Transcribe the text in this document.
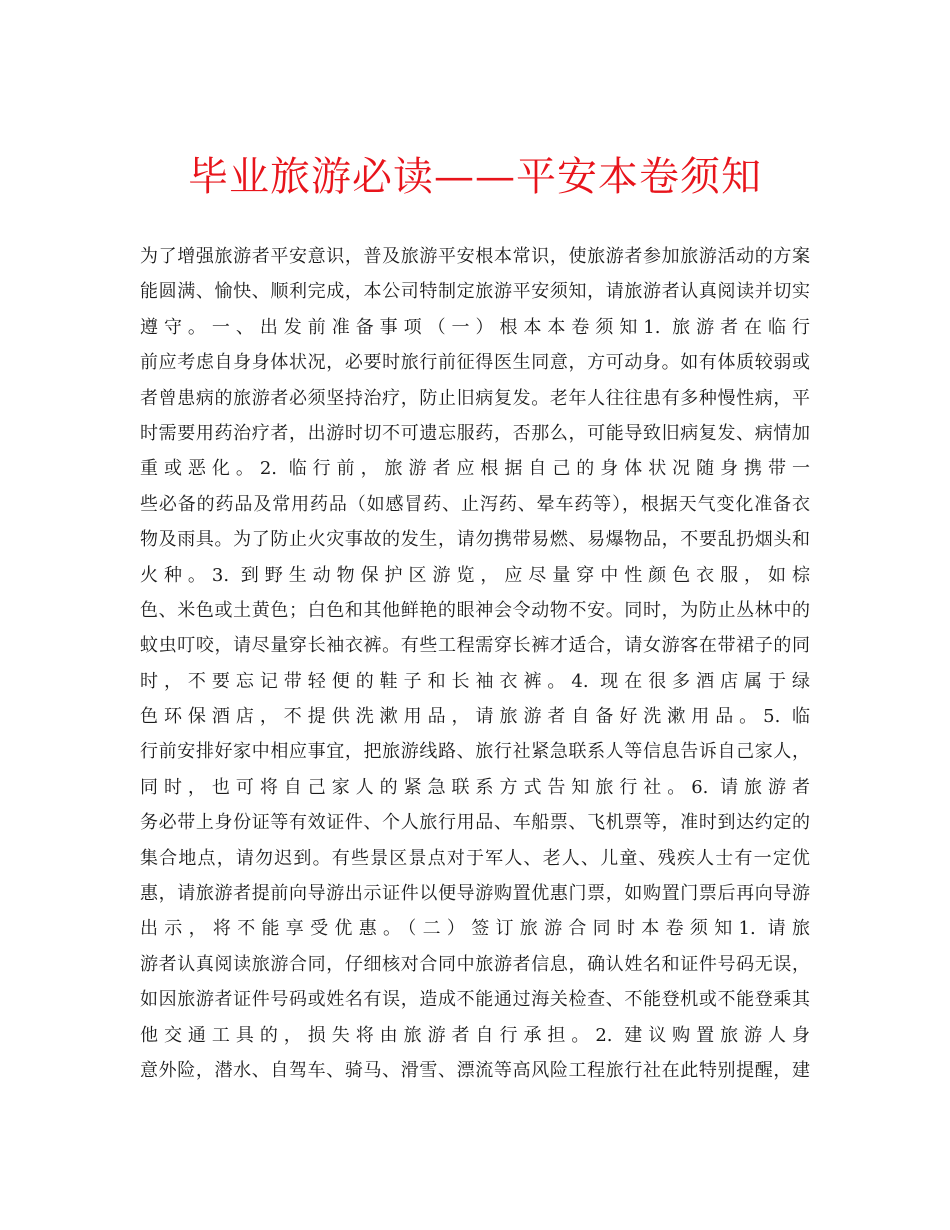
毕业旅游必读——平安本卷须知
为了增强旅游者平安意识，普及旅游平安根本常识，使旅游者参加旅游活动的方案
能圆满、愉快、顺利完成，本公司特制定旅游平安须知，请旅游者认真阅读并切实
遵守。一、出发前准备事项（一）根本本卷须知1. 旅游者在临行
前应考虑自身身体状况，必要时旅行前征得医生同意，方可动身。如有体质较弱或
者曾患病的旅游者必须坚持治疗，防止旧病复发。老年人往往患有多种慢性病，平
时需要用药治疗者，出游时切不可遗忘服药，否那么，可能导致旧病复发、病情加
重或恶化。2. 临行前，旅游者应根据自己的身体状况随身携带一
些必备的药品及常用药品（如感冒药、止泻药、晕车药等），根据天气变化准备衣
物及雨具。为了防止火灾事故的发生，请勿携带易燃、易爆物品，不要乱扔烟头和
火种。3. 到野生动物保护区游览，应尽量穿中性颜色衣服，如棕
色、米色或土黄色；白色和其他鲜艳的眼神会令动物不安。同时，为防止丛林中的
蚊虫叮咬，请尽量穿长袖衣裤。有些工程需穿长裤才适合，请女游客在带裙子的同
时，不要忘记带轻便的鞋子和长袖衣裤。4. 现在很多酒店属于绿
色环保酒店，不提供洗漱用品，请旅游者自备好洗漱用品。5. 临
行前安排好家中相应事宜，把旅游线路、旅行社紧急联系人等信息告诉自己家人，
同时，也可将自己家人的紧急联系方式告知旅行社。6. 请旅游者
务必带上身份证等有效证件、个人旅行用品、车船票、飞机票等，准时到达约定的
集合地点，请勿迟到。有些景区景点对于军人、老人、儿童、残疾人士有一定优
惠，请旅游者提前向导游出示证件以便导游购置优惠门票，如购置门票后再向导游
出示，将不能享受优惠。（二）签订旅游合同时本卷须知1. 请旅
游者认真阅读旅游合同，仔细核对合同中旅游者信息，确认姓名和证件号码无误，
如因旅游者证件号码或姓名有误，造成不能通过海关检查、不能登机或不能登乘其
他交通工具的，损失将由旅游者自行承担。2. 建议购置旅游人身
意外险，潜水、自驾车、骑马、滑雪、漂流等高风险工程旅行社在此特别提醒，建
